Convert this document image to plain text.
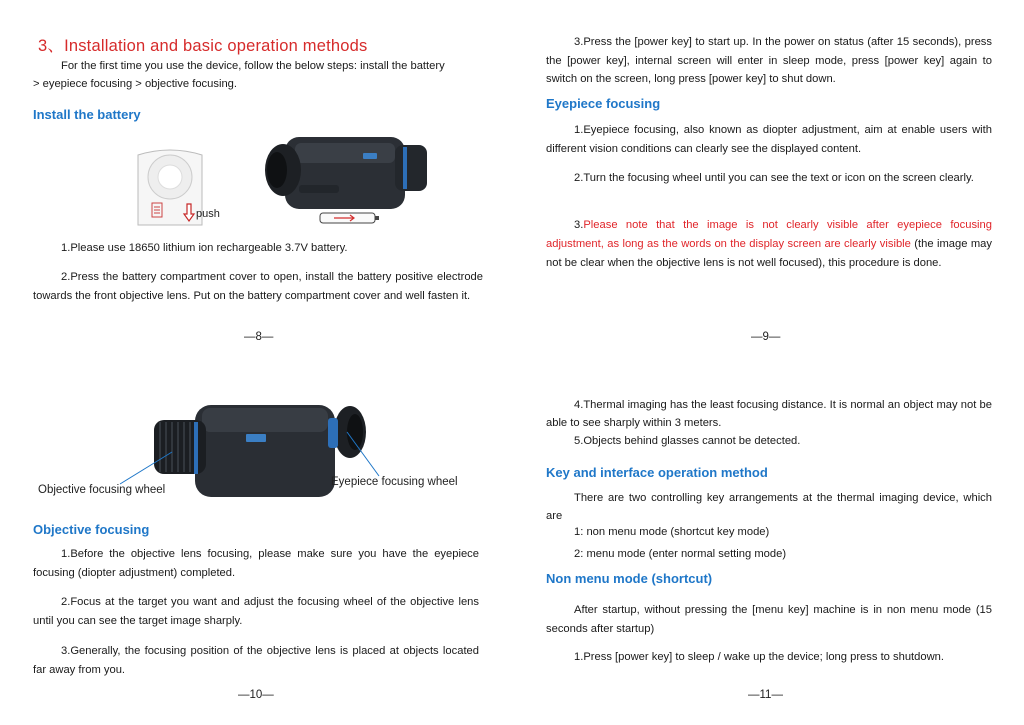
3、Installation and basic operation methods

For the first time you use the device, follow the below steps: install the battery

> eyepiece focusing > objective focusing.

Install the battery
push

1.Please use 18650 lithium ion rechargeable 3.7V battery.

2.Press the battery compartment cover to open, install the battery positive electrode towards the front objective lens. Put on the battery compartment cover and well fasten it.

—8—

3.Press the [power key] to start up. In the power on status (after 15 seconds), press the [power key], internal screen will enter in sleep mode, press [power key] again to switch on the screen, long press [power key] to shut down.

Eyepiece focusing

1.Eyepiece focusing, also known as diopter adjustment, aim at enable users with different vision conditions can clearly see the displayed content.

2.Turn the focusing wheel until you can see the text or icon on the screen clearly.

3.Please note that the image is not clearly visible after eyepiece focusing adjustment, as long as the words on the display screen are clearly visible (the image may not be clear when the objective lens is not well focused), this procedure is done.

—9—
Objective focusing wheel
Eyepiece focusing wheel
Objective focusing

1.Before the objective lens focusing, please make sure you have the eyepiece focusing (diopter adjustment) completed.

2.Focus at the target you want and adjust the focusing wheel of the objective lens until you can see the target image sharply.

3.Generally, the focusing position of the objective lens is placed at objects located far away from you.

—10—

4.Thermal imaging has the least focusing distance. It is normal an object may not be able to see sharply within 3 meters.

5.Objects behind glasses cannot be detected.

Key and interface operation method

There are two controlling key arrangements at the thermal imaging device, which are

1: non menu mode (shortcut key mode)

2: menu mode (enter normal setting mode)

Non menu mode (shortcut)

After startup, without pressing the [menu key] machine is in non menu mode (15 seconds after startup)

1.Press [power key] to sleep / wake up the device; long press to shutdown.

—11—
